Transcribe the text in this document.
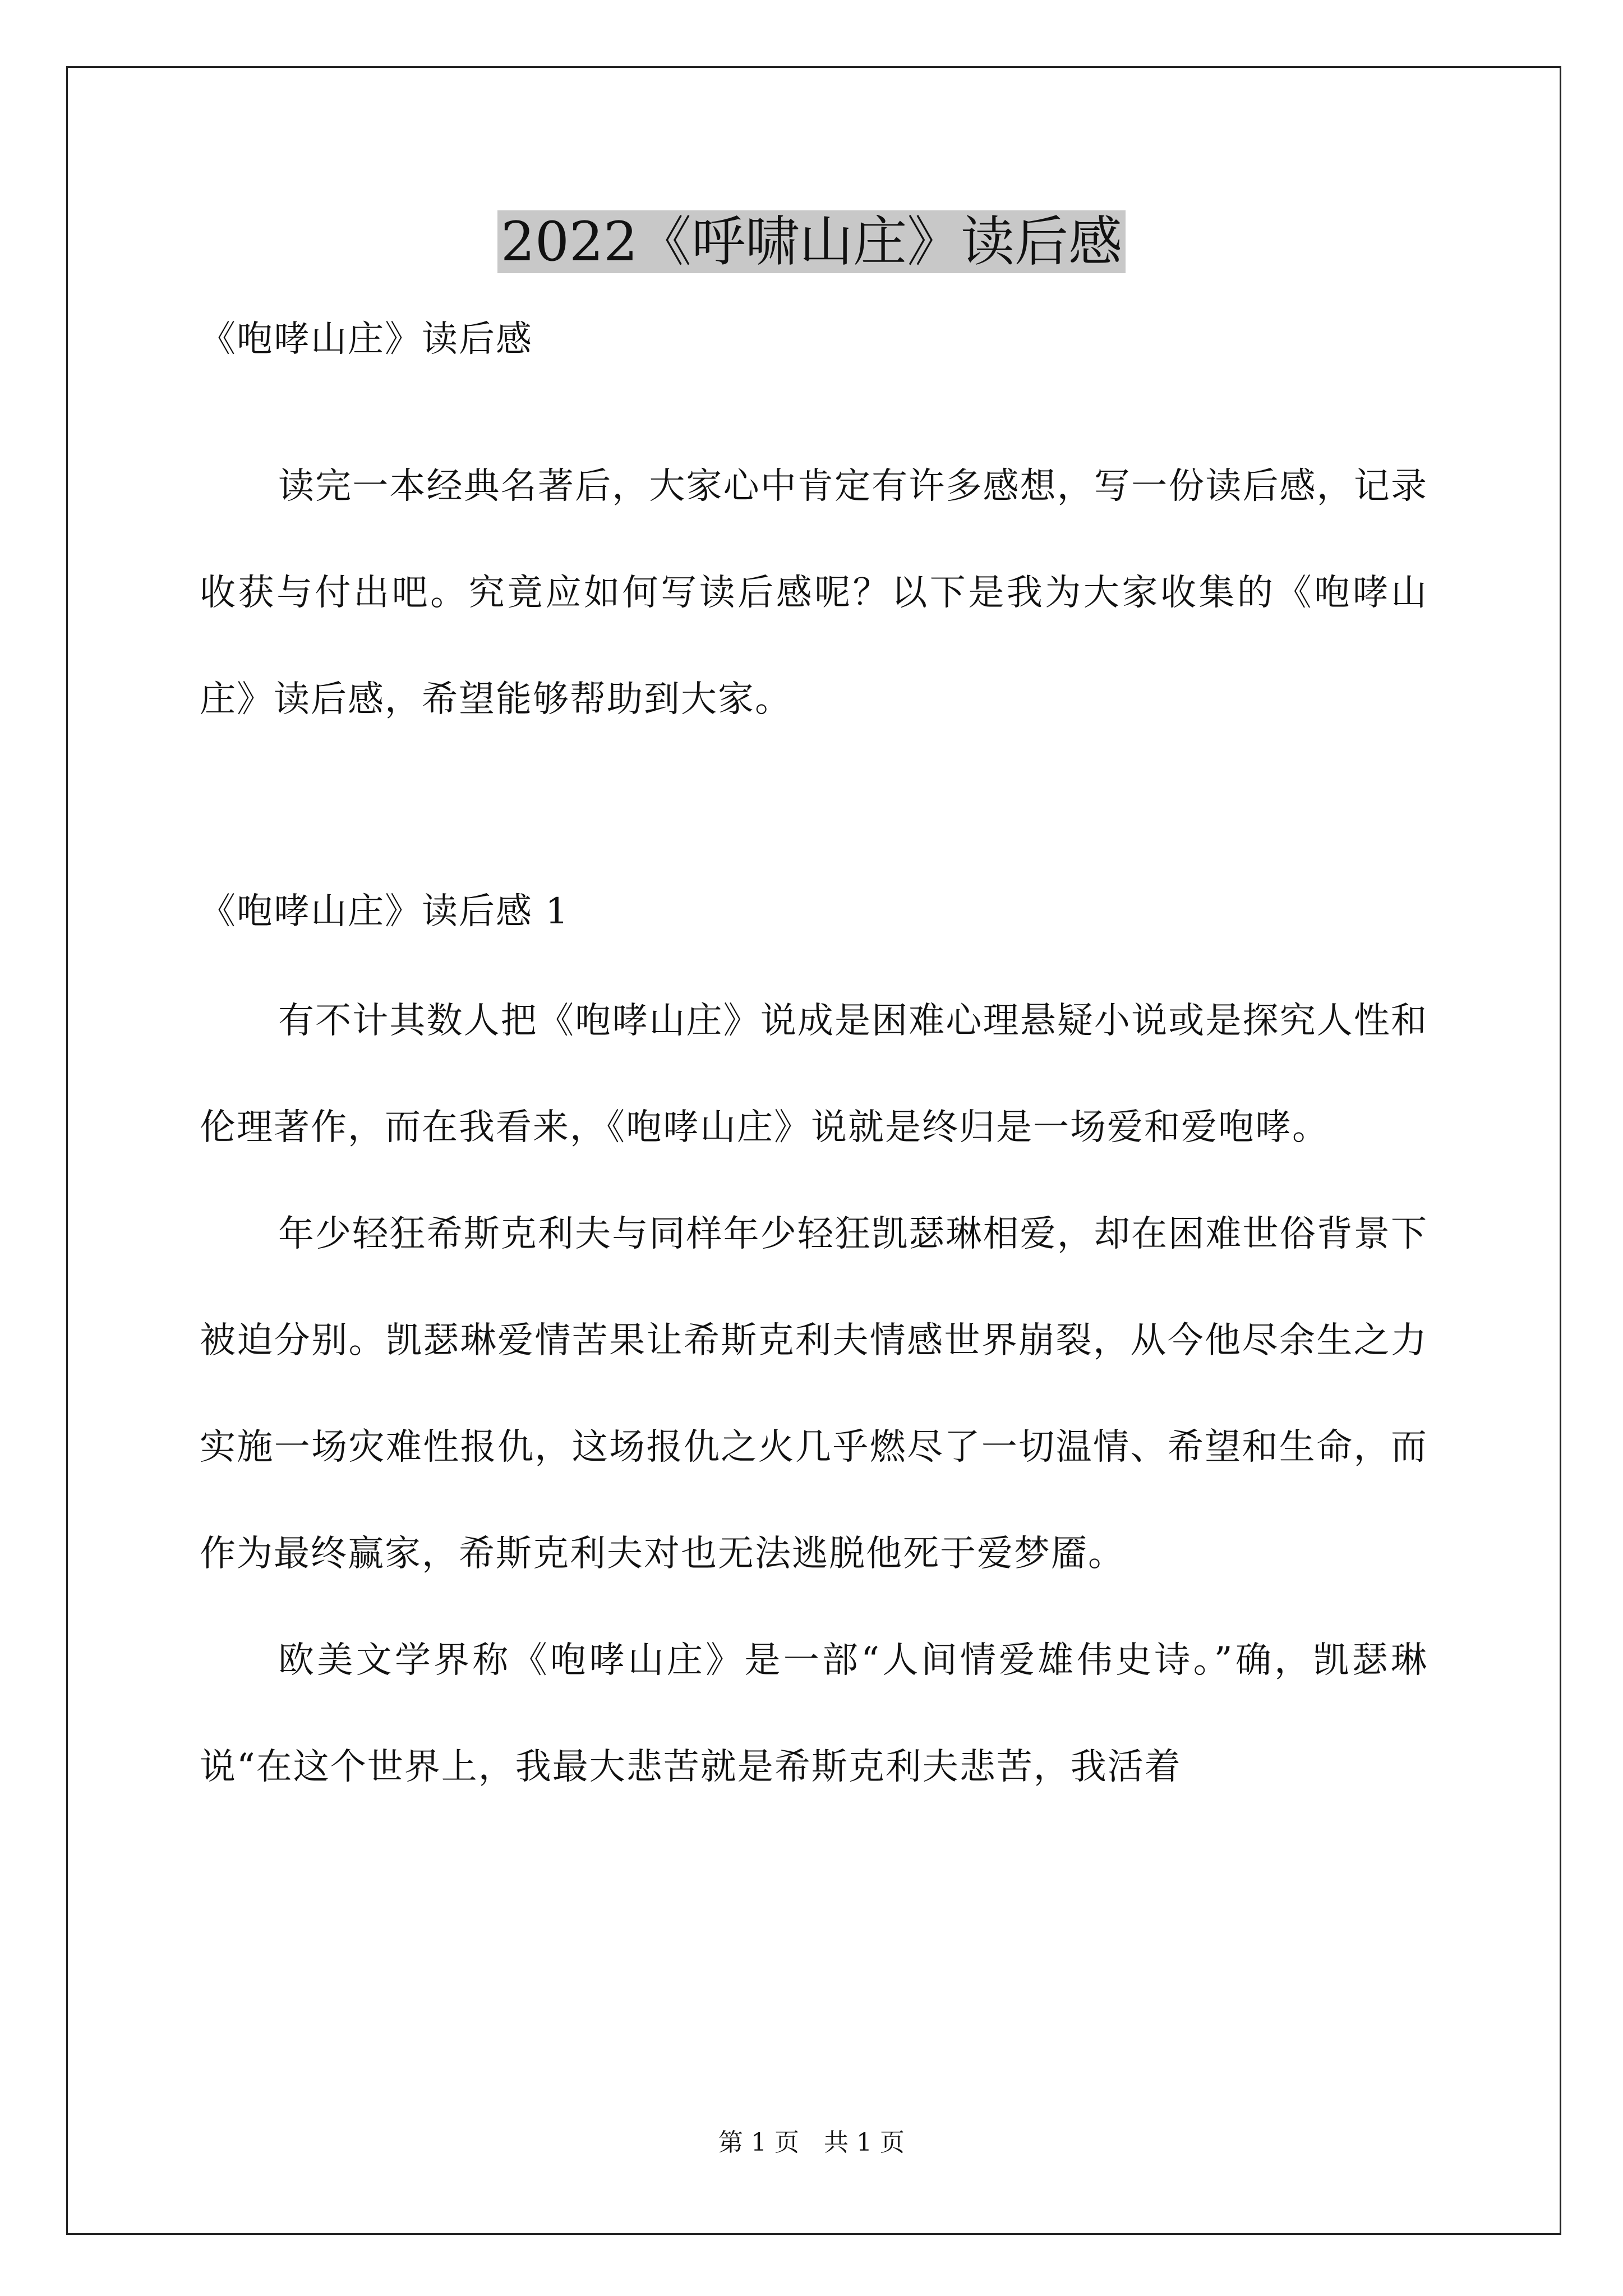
2022《呼啸山庄》读后感
《咆哮山庄》读后感

读完一本经典名著后，大家心中肯定有许多感想，写一份读后感，记录收获与付出吧。究竟应如何写读后感呢？以下是我为大家收集的《咆哮山庄》读后感，希望能够帮助到大家。

《咆哮山庄》读后感 1

有不计其数人把《咆哮山庄》说成是困难心理悬疑小说或是探究人性和伦理著作，而在我看来，《咆哮山庄》说就是终归是一场爱和爱咆哮。

年少轻狂希斯克利夫与同样年少轻狂凯瑟琳相爱，却在困难世俗背景下被迫分别。凯瑟琳爱情苦果让希斯克利夫情感世界崩裂，从今他尽余生之力实施一场灾难性报仇，这场报仇之火几乎燃尽了一切温情、希望和生命，而作为最终赢家，希斯克利夫对也无法逃脱他死于爱梦靥。

欧美文学界称《咆哮山庄》是一部“人间情爱雄伟史诗。”确，凯瑟琳说“在这个世界上，我最大悲苦就是希斯克利夫悲苦，我活着

第 1 页　共 1 页
